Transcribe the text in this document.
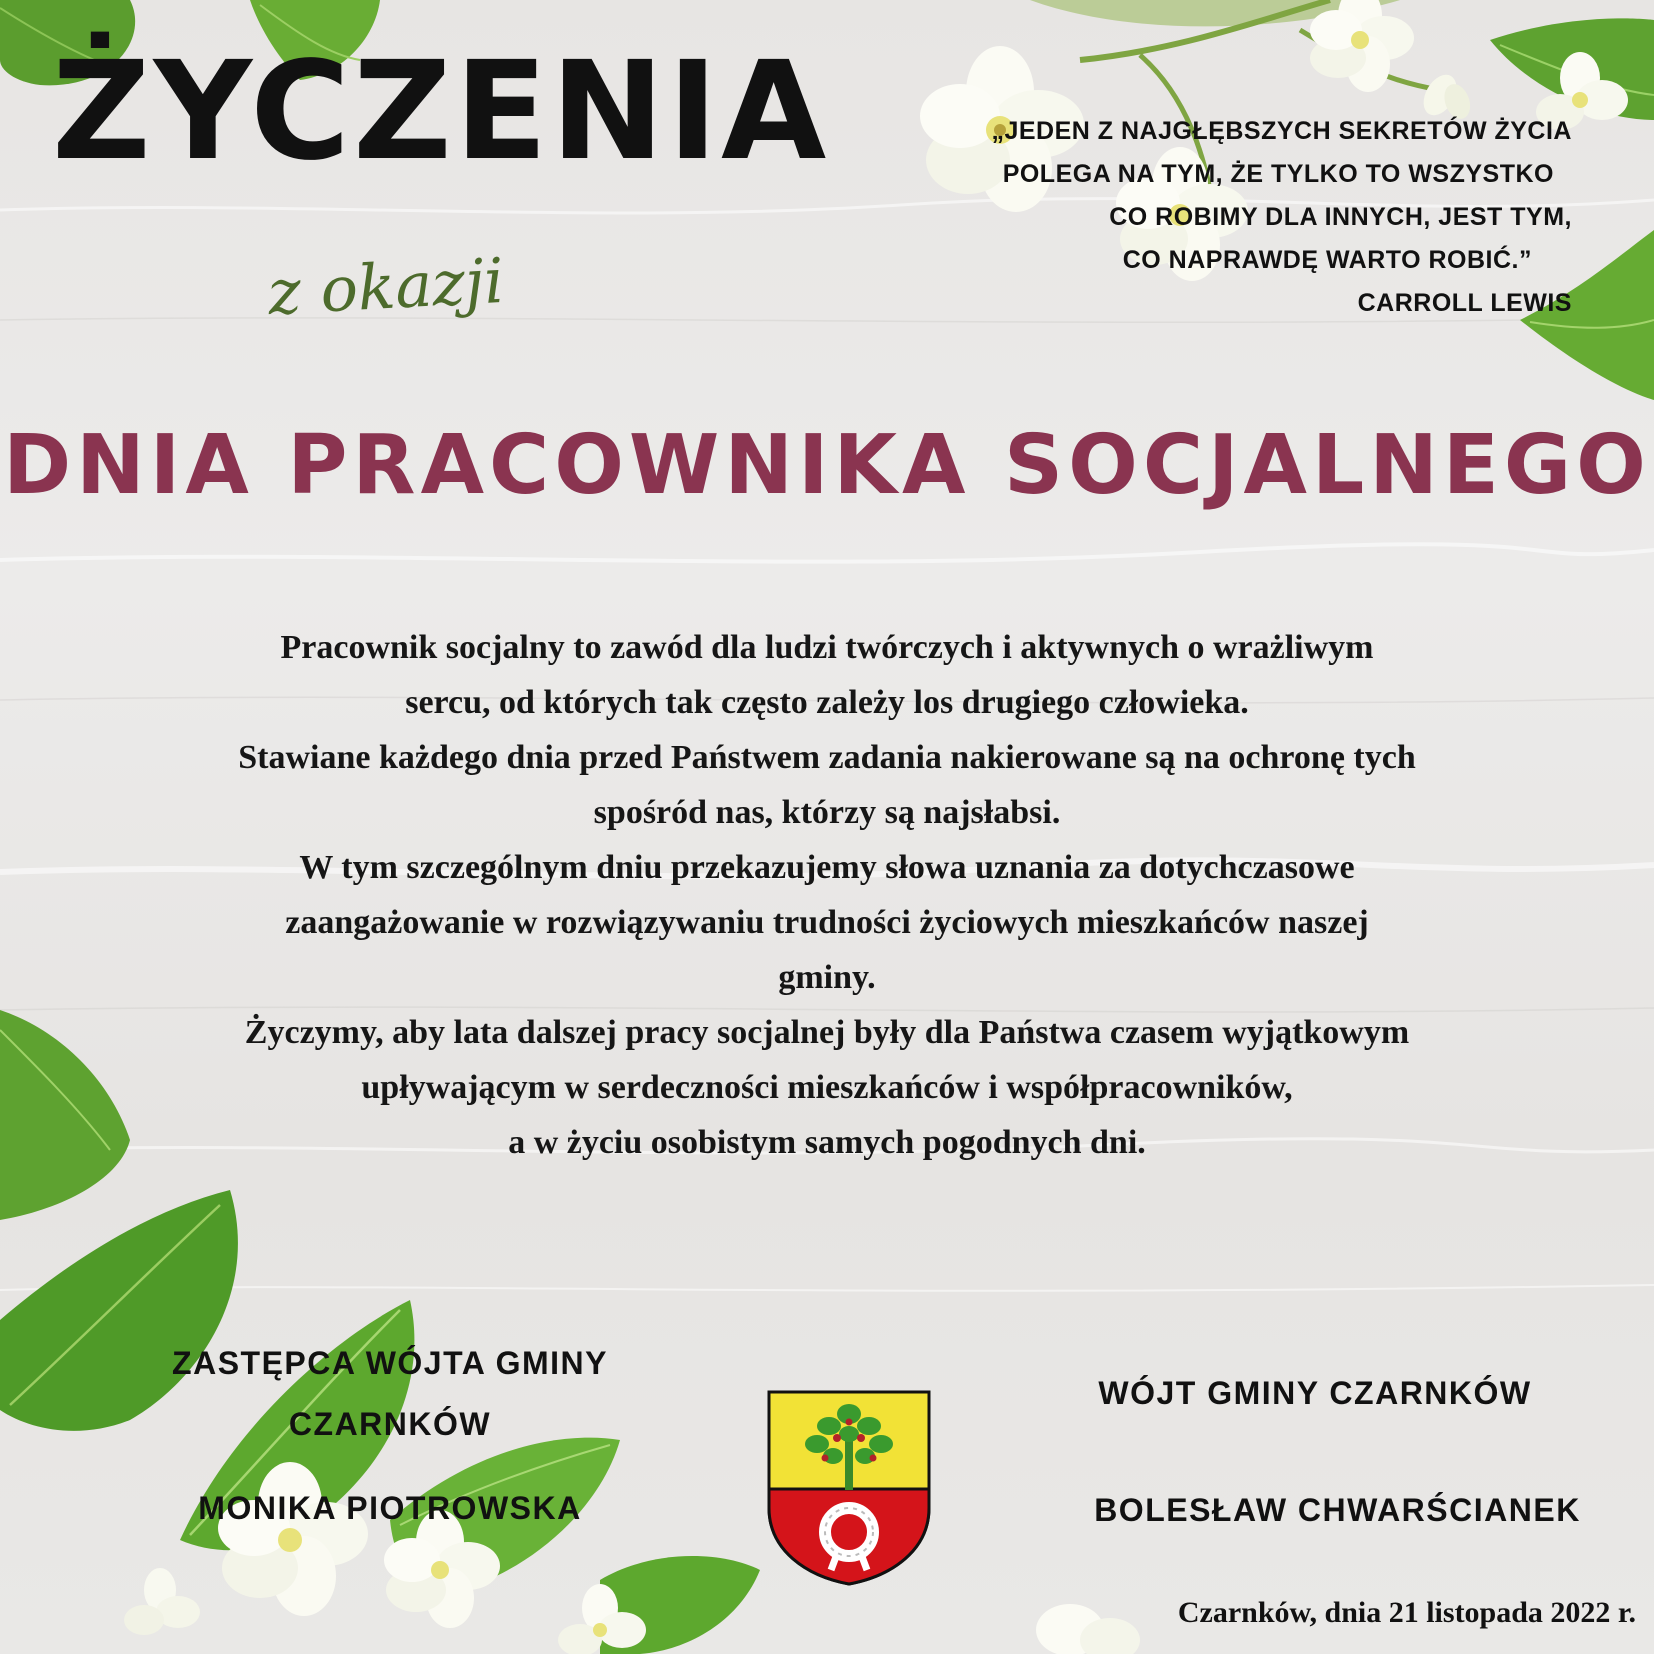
ŻYCZENIA
z okazji
„JEDEN Z NAJGŁĘBSZYCH SEKRETÓW ŻYCIA
POLEGA NA TYM, ŻE TYLKO TO WSZYSTKO
CO ROBIMY DLA INNYCH, JEST TYM,
CO NAPRAWDĘ WARTO ROBIĆ.”
CARROLL LEWIS
DNIA PRACOWNIKA SOCJALNEGO
Pracownik socjalny to zawód dla ludzi twórczych i aktywnych o wrażliwym
sercu, od których tak często zależy los drugiego człowieka.
Stawiane każdego dnia przed Państwem zadania nakierowane są na ochronę tych
spośród nas, którzy są najsłabsi.
W tym szczególnym dniu przekazujemy słowa uznania za dotychczasowe
zaangażowanie w rozwiązywaniu trudności życiowych mieszkańców naszej
gminy.
Życzymy, aby lata dalszej pracy socjalnej były dla Państwa czasem wyjątkowym
upływającym w serdeczności mieszkańców i współpracowników,
a w życiu osobistym samych pogodnych dni.
ZASTĘPCA WÓJTA GMINY
CZARNKÓW
MONIKA PIOTROWSKA
WÓJT GMINY CZARNKÓW
BOLESŁAW CHWARŚCIANEK
Czarnków, dnia 21 listopada 2022 r.
